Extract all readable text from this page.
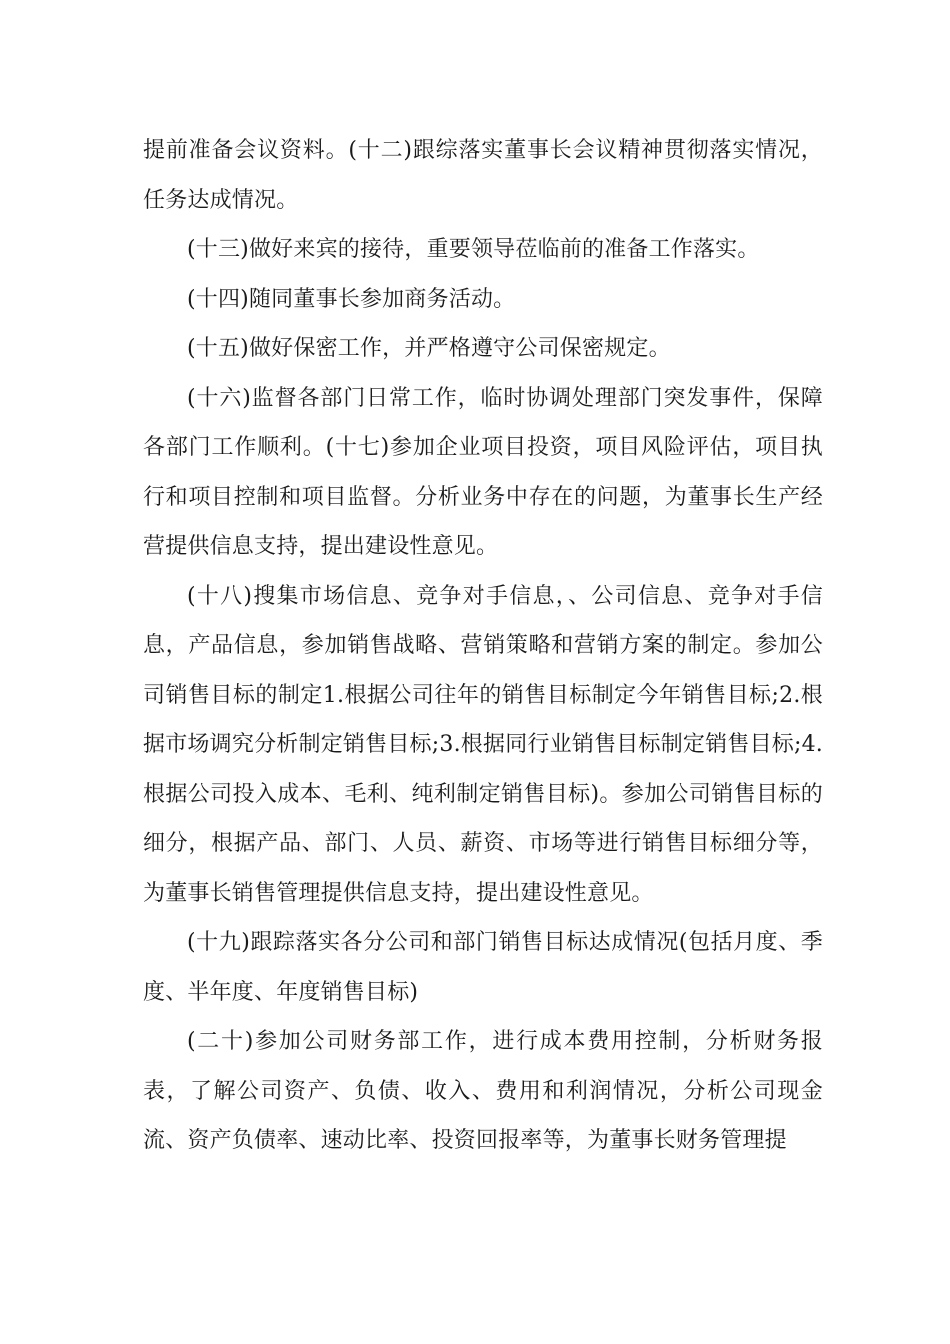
提前准备会议资料。(十二)跟综落实董事长会议精神贯彻落实情况，任务达成情况。

(十三)做好来宾的接待，重要领导莅临前的准备工作落实。

(十四)随同董事长参加商务活动。

(十五)做好保密工作，并严格遵守公司保密规定。

(十六)监督各部门日常工作，临时协调处理部门突发事件，保障各部门工作顺利。(十七)参加企业项目投资，项目风险评估，项目执行和项目控制和项目监督。分析业务中存在的问题，为董事长生产经营提供信息支持，提出建设性意见。

(十八)搜集市场信息、竞争对手信息，、公司信息、竞争对手信息，产品信息，参加销售战略、营销策略和营销方案的制定。参加公司销售目标的制定1.根据公司往年的销售目标制定今年销售目标;2.根据市场调究分析制定销售目标;3.根据同行业销售目标制定销售目标;4.根据公司投入成本、毛利、纯利制定销售目标)。参加公司销售目标的细分，根据产品、部门、人员、薪资、市场等进行销售目标细分等，为董事长销售管理提供信息支持，提出建设性意见。

(十九)跟踪落实各分公司和部门销售目标达成情况(包括月度、季度、半年度、年度销售目标)

(二十)参加公司财务部工作，进行成本费用控制，分析财务报表，了解公司资产、负债、收入、费用和利润情况，分析公司现金流、资产负债率、速动比率、投资回报率等，为董事长财务管理提
